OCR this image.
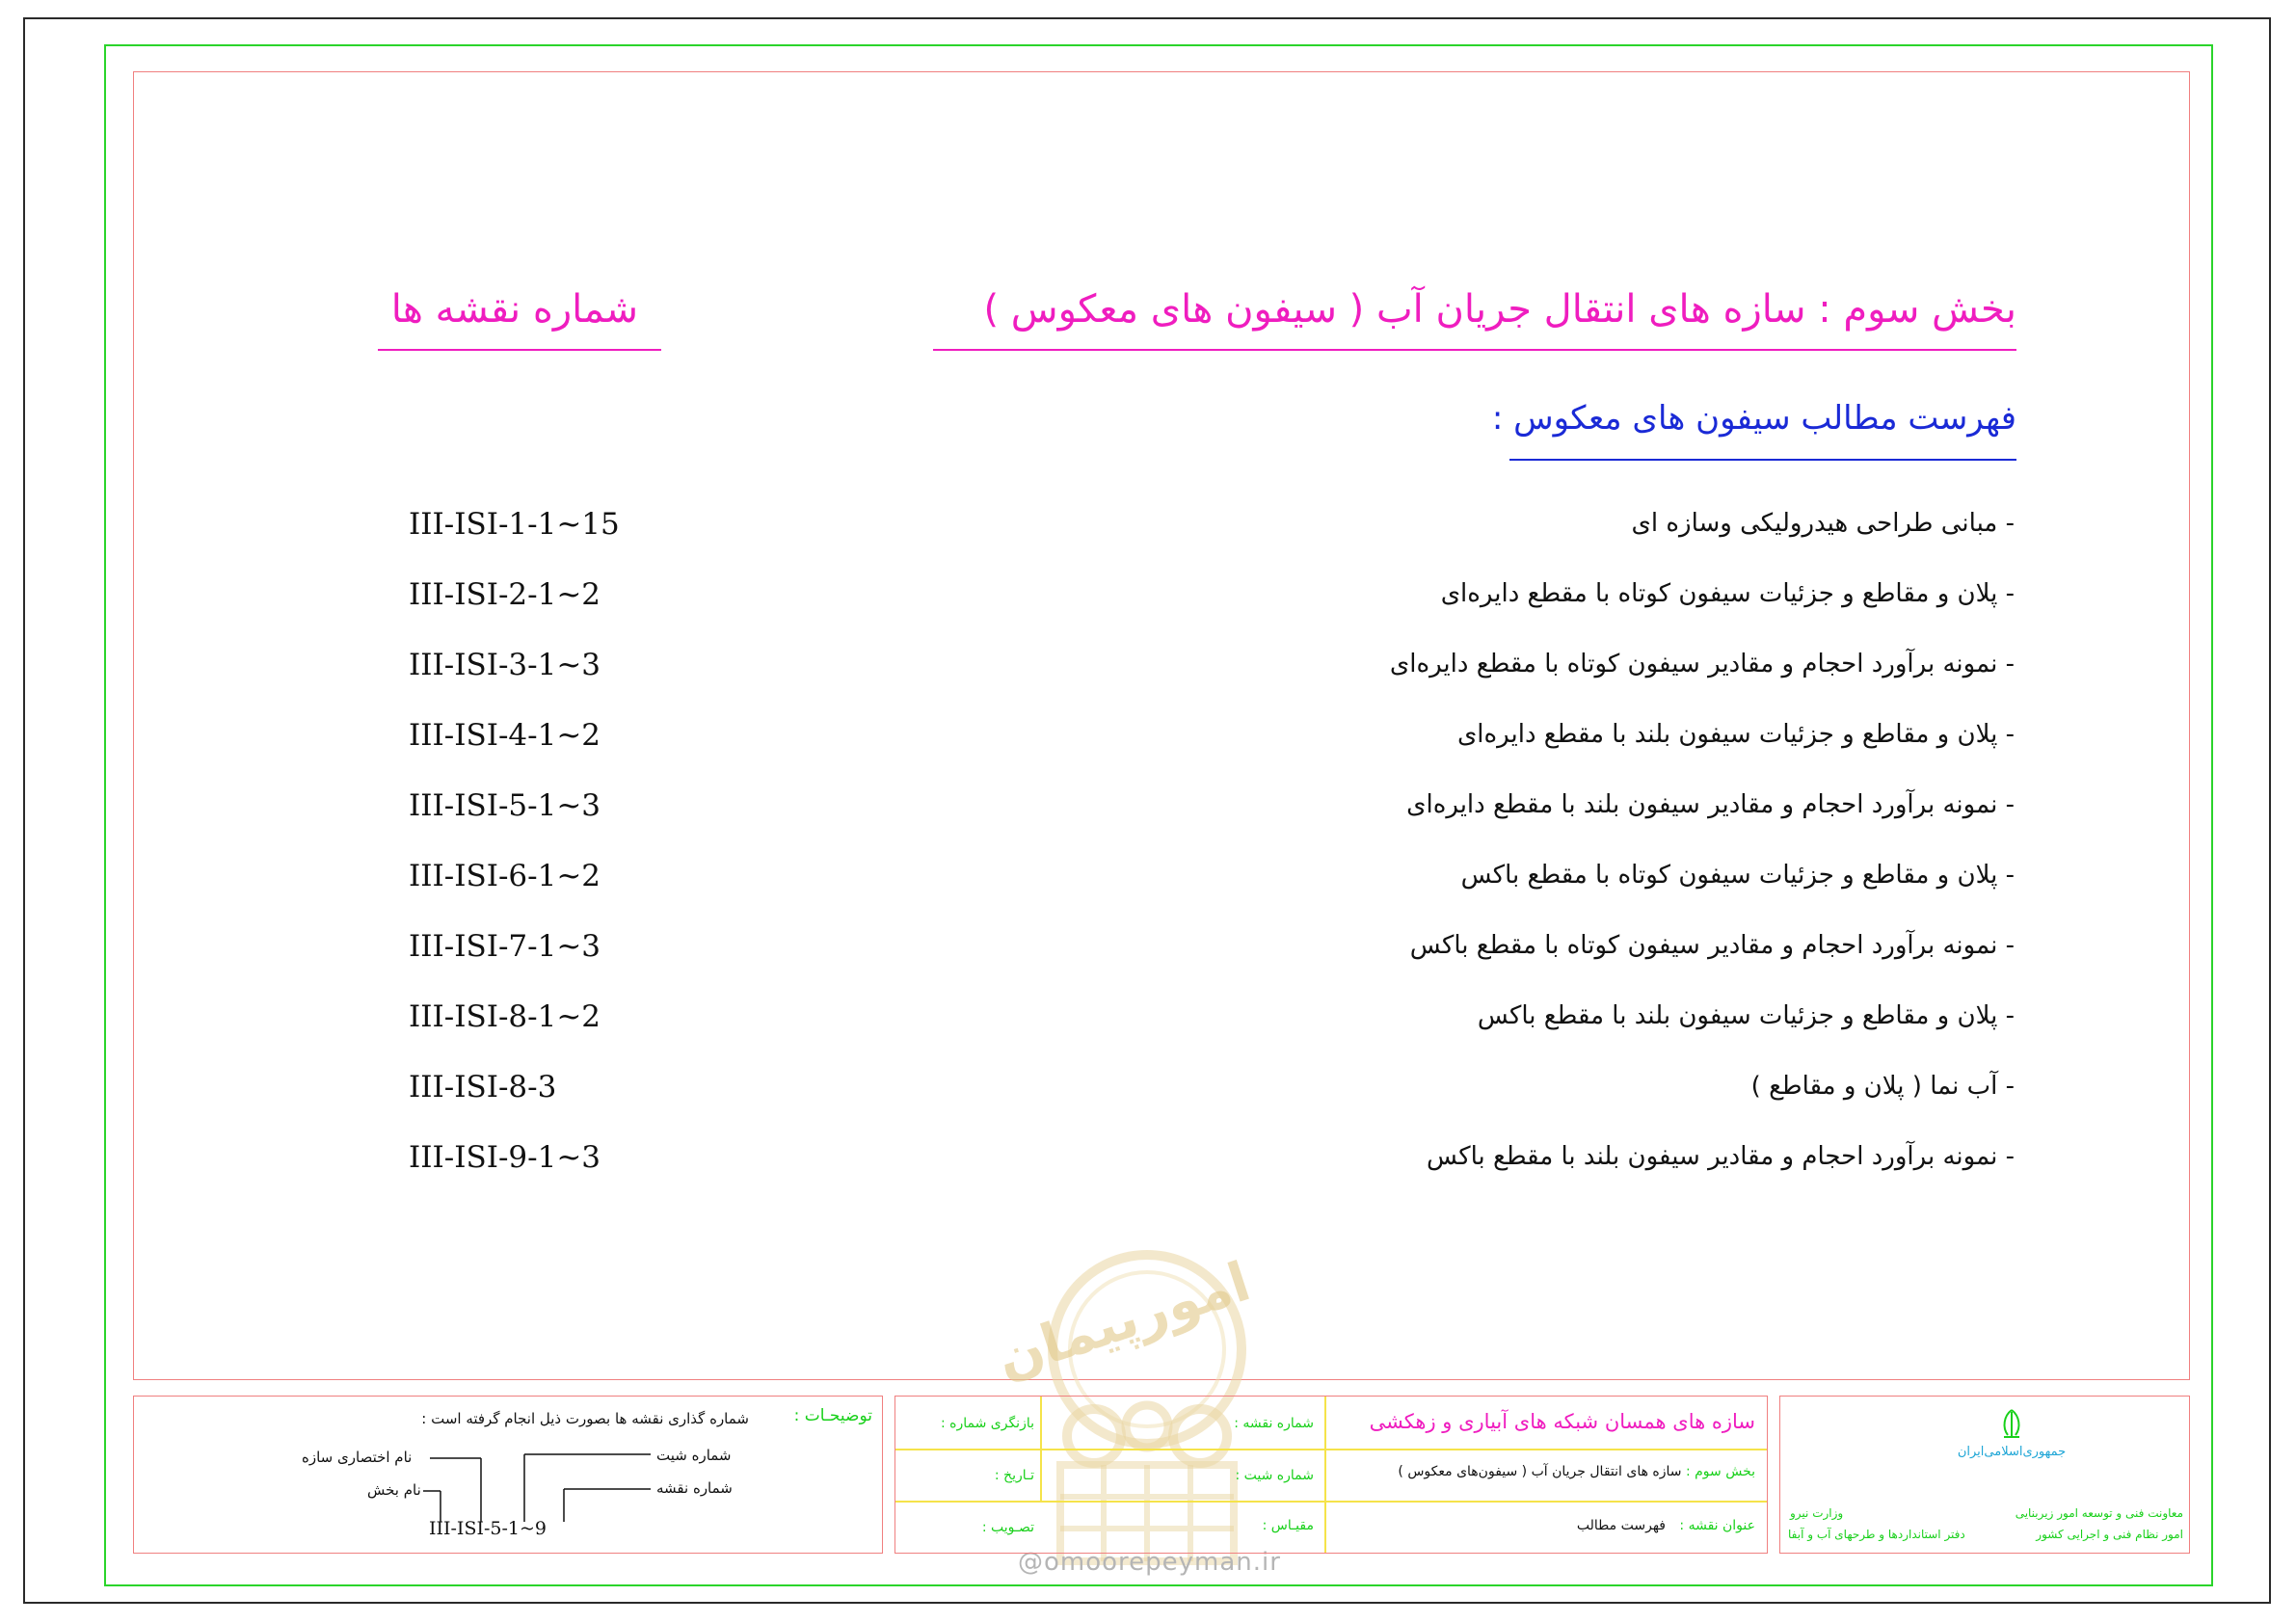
بخش سوم : سازه های انتقال جریان آب ( سیفون های معکوس )
شماره نقشه ها
فهرست مطالب سیفون های معکوس :
- مبانی طراحی هیدرولیکی وسازه ای
III-ISI-1-1~15
- پلان و مقاطع و جزئیات سیفون کوتاه با مقطع دایره‌ای
III-ISI-2-1~2
- نمونه برآورد احجام و مقادیر سیفون کوتاه با مقطع دایره‌ای
III-ISI-3-1~3
- پلان و مقاطع و جزئیات سیفون بلند با مقطع دایره‌ای
III-ISI-4-1~2
- نمونه برآورد احجام و مقادیر سیفون بلند با مقطع دایره‌ای
III-ISI-5-1~3
- پلان و مقاطع و جزئیات سیفون کوتاه با مقطع باکس
III-ISI-6-1~2
- نمونه برآورد احجام و مقادیر سیفون کوتاه با مقطع باکس
III-ISI-7-1~3
- پلان و مقاطع و جزئیات سیفون بلند با مقطع باکس
III-ISI-8-1~2
- آب نما ( پلان و مقاطع )
III-ISI-8-3
- نمونه برآورد احجام و مقادیر سیفون بلند با مقطع باکس
III-ISI-9-1~3
امورپیمان
@omoorepeyman.ir
توضیحـات :
شماره گذاری نقشه ها بصورت ذیل انجام گرفته است :
شماره شیت
شماره نقشه
نام اختصاری سازه
نام بخش
III-ISI-5-1~9
سازه های همسان شبکه های آبیاری و زهکشی
بخش سوم : سازه های انتقال جریان آب ( سیفون‌های معکوس )
عنوان نقشه : فهرست مطالب
شماره نقشه :
بازنگری شماره :
شماره شیت :
تـاریخ :
مقیـاس :
تصـویب :
جمهوری‌اسلامی‌ایران
وزارت نیرو	معاونت فنی و توسعه امور زیربنایی
دفتر استانداردها و طرحهای آب و آبفا	امور نظام فنی و اجرایی کشور
